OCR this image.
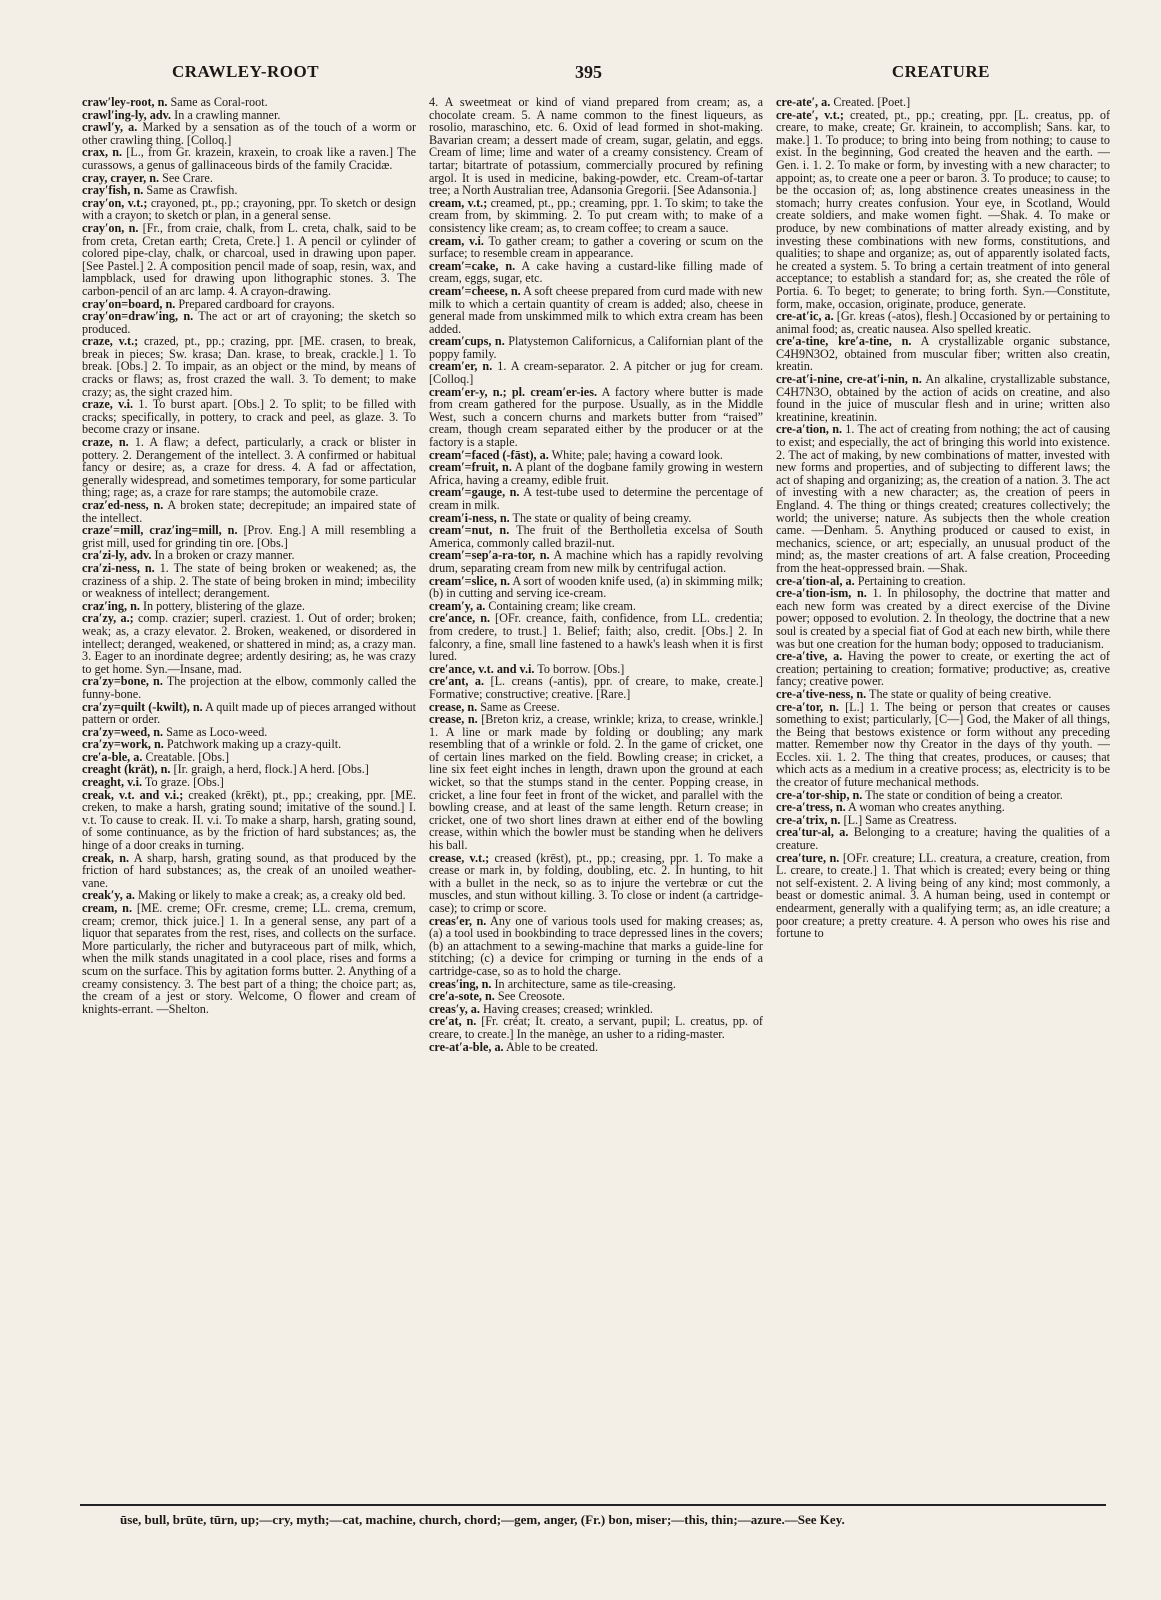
CRAWLEY-ROOT	395	CREATURE

craw′ley-root, n. Same as Coral-root.

crawl′ing-ly, adv. In a crawling manner.

crawl′y, a. Marked by a sensation as of the touch of a worm or other crawling thing. [Colloq.]

crax, n. [L., from Gr. krazein, kraxein, to croak like a raven.] The curassows, a genus of gallinaceous birds of the family Cracidæ.

cray, crayer, n. See Crare.

cray′fish, n. Same as Crawfish.

cray′on, v.t.; crayoned, pt., pp.; crayoning, ppr. To sketch or design with a crayon; to sketch or plan, in a general sense.

cray′on, n. [Fr., from craie, chalk, from L. creta, chalk, said to be from creta, Cretan earth; Creta, Crete.] 1. A pencil or cylinder of colored pipe-clay, chalk, or charcoal, used in drawing upon paper. [See Pastel.] 2. A composition pencil made of soap, resin, wax, and lampblack, used for drawing upon lithographic stones. 3. The carbon-pencil of an arc lamp. 4. A crayon-drawing.

cray′on=board, n. Prepared cardboard for crayons.

cray′on=draw′ing, n. The act or art of crayoning; the sketch so produced.

craze, v.t.; crazed, pt., pp.; crazing, ppr. [ME. crasen, to break, break in pieces; Sw. krasa; Dan. krase, to break, crackle.] 1. To break. [Obs.] 2. To impair, as an object or the mind, by means of cracks or flaws; as, frost crazed the wall. 3. To dement; to make crazy; as, the sight crazed him.

craze, v.i. 1. To burst apart. [Obs.] 2. To split; to be filled with cracks; specifically, in pottery, to crack and peel, as glaze. 3. To become crazy or insane.

craze, n. 1. A flaw; a defect, particularly, a crack or blister in pottery. 2. Derangement of the intellect. 3. A confirmed or habitual fancy or desire; as, a craze for dress. 4. A fad or affectation, generally widespread, and sometimes temporary, for some particular thing; rage; as, a craze for rare stamps; the automobile craze.

craz′ed-ness, n. A broken state; decrepitude; an impaired state of the intellect.

craze′=mill, craz′ing=mill, n. [Prov. Eng.] A mill resembling a grist mill, used for grinding tin ore. [Obs.]

cra′zi-ly, adv. In a broken or crazy manner.

cra′zi-ness, n. 1. The state of being broken or weakened; as, the craziness of a ship. 2. The state of being broken in mind; imbecility or weakness of intellect; derangement.

craz′ing, n. In pottery, blistering of the glaze.

cra′zy, a.; comp. crazier; superl. craziest. 1. Out of order; broken; weak; as, a crazy elevator. 2. Broken, weakened, or disordered in intellect; deranged, weakened, or shattered in mind; as, a crazy man. 3. Eager to an inordinate degree; ardently desiring; as, he was crazy to get home. Syn.—Insane, mad.

cra′zy=bone, n. The projection at the elbow, commonly called the funny-bone.

cra′zy=quilt (-kwilt), n. A quilt made up of pieces arranged without pattern or order.

cra′zy=weed, n. Same as Loco-weed.

cra′zy=work, n. Patchwork making up a crazy-quilt.

cre′a-ble, a. Creatable. [Obs.]

creaght (krät), n. [Ir. graigh, a herd, flock.] A herd. [Obs.]

creaght, v.i. To graze. [Obs.]

creak, v.t. and v.i.; creaked (krēkt), pt., pp.; creaking, ppr. [ME. creken, to make a harsh, grating sound; imitative of the sound.] I. v.t. To cause to creak. II. v.i. To make a sharp, harsh, grating sound, of some continuance, as by the friction of hard substances; as, the hinge of a door creaks in turning.

creak, n. A sharp, harsh, grating sound, as that produced by the friction of hard substances; as, the creak of an unoiled weather-vane.

creak′y, a. Making or likely to make a creak; as, a creaky old bed.

cream, n. [ME. creme; OFr. cresme, creme; LL. crema, cremum, cream; cremor, thick juice.] 1. In a general sense, any part of a liquor that separates from the rest, rises, and collects on the surface. More particularly, the richer and butyraceous part of milk, which, when the milk stands unagitated in a cool place, rises and forms a scum on the surface. This by agitation forms butter. 2. Anything of a creamy consistency. 3. The best part of a thing; the choice part; as, the cream of a jest or story. Welcome, O flower and cream of knights-errant. —Shelton.

4. A sweetmeat or kind of viand prepared from cream; as, a chocolate cream. 5. A name common to the finest liqueurs, as rosolio, maraschino, etc. 6. Oxid of lead formed in shot-making. Bavarian cream; a dessert made of cream, sugar, gelatin, and eggs. Cream of lime; lime and water of a creamy consistency. Cream of tartar; bitartrate of potassium, commercially procured by refining argol. It is used in medicine, baking-powder, etc. Cream-of-tartar tree; a North Australian tree, Adansonia Gregorii. [See Adansonia.]

cream, v.t.; creamed, pt., pp.; creaming, ppr. 1. To skim; to take the cream from, by skimming. 2. To put cream with; to make of a consistency like cream; as, to cream coffee; to cream a sauce.

cream, v.i. To gather cream; to gather a covering or scum on the surface; to resemble cream in appearance.

cream′=cake, n. A cake having a custard-like filling made of cream, eggs, sugar, etc.

cream′=cheese, n. A soft cheese prepared from curd made with new milk to which a certain quantity of cream is added; also, cheese in general made from unskimmed milk to which extra cream has been added.

cream′cups, n. Platystemon Californicus, a Californian plant of the poppy family.

cream′er, n. 1. A cream-separator. 2. A pitcher or jug for cream. [Colloq.]

cream′er-y, n.; pl. cream′er-ies. A factory where butter is made from cream gathered for the purpose. Usually, as in the Middle West, such a concern churns and markets butter from “raised” cream, though cream separated either by the producer or at the factory is a staple.

cream′=faced (-fāst), a. White; pale; having a coward look.

cream′=fruit, n. A plant of the dogbane family growing in western Africa, having a creamy, edible fruit.

cream′=gauge, n. A test-tube used to determine the percentage of cream in milk.

cream′i-ness, n. The state or quality of being creamy.

cream′=nut, n. The fruit of the Bertholletia excelsa of South America, commonly called brazil-nut.

cream′=sep′a-ra-tor, n. A machine which has a rapidly revolving drum, separating cream from new milk by centrifugal action.

cream′=slice, n. A sort of wooden knife used, (a) in skimming milk; (b) in cutting and serving ice-cream.

cream′y, a. Containing cream; like cream.

cre′ance, n. [OFr. creance, faith, confidence, from LL. credentia; from credere, to trust.] 1. Belief; faith; also, credit. [Obs.] 2. In falconry, a fine, small line fastened to a hawk's leash when it is first lured.

cre′ance, v.t. and v.i. To borrow. [Obs.]

cre′ant, a. [L. creans (-antis), ppr. of creare, to make, create.] Formative; constructive; creative. [Rare.]

crease, n. Same as Creese.

crease, n. [Breton kriz, a crease, wrinkle; kriza, to crease, wrinkle.] 1. A line or mark made by folding or doubling; any mark resembling that of a wrinkle or fold. 2. In the game of cricket, one of certain lines marked on the field. Bowling crease; in cricket, a line six feet eight inches in length, drawn upon the ground at each wicket, so that the stumps stand in the center. Popping crease, in cricket, a line four feet in front of the wicket, and parallel with the bowling crease, and at least of the same length. Return crease; in cricket, one of two short lines drawn at either end of the bowling crease, within which the bowler must be standing when he delivers his ball.

crease, v.t.; creased (krēst), pt., pp.; creasing, ppr. 1. To make a crease or mark in, by folding, doubling, etc. 2. In hunting, to hit with a bullet in the neck, so as to injure the vertebræ or cut the muscles, and stun without killing. 3. To close or indent (a cartridge-case); to crimp or score.

creas′er, n. Any one of various tools used for making creases; as, (a) a tool used in bookbinding to trace depressed lines in the covers; (b) an attachment to a sewing-machine that marks a guide-line for stitching; (c) a device for crimping or turning in the ends of a cartridge-case, so as to hold the charge.

creas′ing, n. In architecture, same as tile-creasing.

cre′a-sote, n. See Creosote.

creas′y, a. Having creases; creased; wrinkled.

cre′at, n. [Fr. créat; It. creato, a servant, pupil; L. creatus, pp. of creare, to create.] In the manège, an usher to a riding-master.

cre-at′a-ble, a. Able to be created.

cre-ate′, a. Created. [Poet.]

cre-ate′, v.t.; created, pt., pp.; creating, ppr. [L. creatus, pp. of creare, to make, create; Gr. krainein, to accomplish; Sans. kar, to make.] 1. To produce; to bring into being from nothing; to cause to exist. In the beginning, God created the heaven and the earth. —Gen. i. 1. 2. To make or form, by investing with a new character; to appoint; as, to create one a peer or baron. 3. To produce; to cause; to be the occasion of; as, long abstinence creates uneasiness in the stomach; hurry creates confusion. Your eye, in Scotland, Would create soldiers, and make women fight. —Shak. 4. To make or produce, by new combinations of matter already existing, and by investing these combinations with new forms, constitutions, and qualities; to shape and organize; as, out of apparently isolated facts, he created a system. 5. To bring a certain treatment of into general acceptance; to establish a standard for; as, she created the rôle of Portia. 6. To beget; to generate; to bring forth. Syn.—Constitute, form, make, occasion, originate, produce, generate.

cre-at′ic, a. [Gr. kreas (-atos), flesh.] Occasioned by or pertaining to animal food; as, creatic nausea. Also spelled kreatic.

cre′a-tine, kre′a-tine, n. A crystallizable organic substance, C4H9N3O2, obtained from muscular fiber; written also creatin, kreatin.

cre-at′i-nine, cre-at′i-nin, n. An alkaline, crystallizable substance, C4H7N3O, obtained by the action of acids on creatine, and also found in the juice of muscular flesh and in urine; written also kreatinine, kreatinin.

cre-a′tion, n. 1. The act of creating from nothing; the act of causing to exist; and especially, the act of bringing this world into existence. 2. The act of making, by new combinations of matter, invested with new forms and properties, and of subjecting to different laws; the act of shaping and organizing; as, the creation of a nation. 3. The act of investing with a new character; as, the creation of peers in England. 4. The thing or things created; creatures collectively; the world; the universe; nature. As subjects then the whole creation came. —Denham. 5. Anything produced or caused to exist, in mechanics, science, or art; especially, an unusual product of the mind; as, the master creations of art. A false creation, Proceeding from the heat-oppressed brain. —Shak.

cre-a′tion-al, a. Pertaining to creation.

cre-a′tion-ism, n. 1. In philosophy, the doctrine that matter and each new form was created by a direct exercise of the Divine power; opposed to evolution. 2. In theology, the doctrine that a new soul is created by a special fiat of God at each new birth, while there was but one creation for the human body; opposed to traducianism.

cre-a′tive, a. Having the power to create, or exerting the act of creation; pertaining to creation; formative; productive; as, creative fancy; creative power.

cre-a′tive-ness, n. The state or quality of being creative.

cre-a′tor, n. [L.] 1. The being or person that creates or causes something to exist; particularly, [C—] God, the Maker of all things, the Being that bestows existence or form without any preceding matter. Remember now thy Creator in the days of thy youth. —Eccles. xii. 1. 2. The thing that creates, produces, or causes; that which acts as a medium in a creative process; as, electricity is to be the creator of future mechanical methods.

cre-a′tor-ship, n. The state or condition of being a creator.

cre-a′tress, n. A woman who creates anything.

cre-a′trix, n. [L.] Same as Creatress.

crea′tur-al, a. Belonging to a creature; having the qualities of a creature.

crea′ture, n. [OFr. creature; LL. creatura, a creature, creation, from L. creare, to create.] 1. That which is created; every being or thing not self-existent. 2. A living being of any kind; most commonly, a beast or domestic animal. 3. A human being, used in contempt or endearment, generally with a qualifying term; as, an idle creature; a poor creature; a pretty creature. 4. A person who owes his rise and fortune to

ūse, bull, brūte, tūrn, up;—cry, myth;—cat, machine, church, chord;—gem, anger, (Fr.) bon, miser;—this, thin;—azure.—See Key.
